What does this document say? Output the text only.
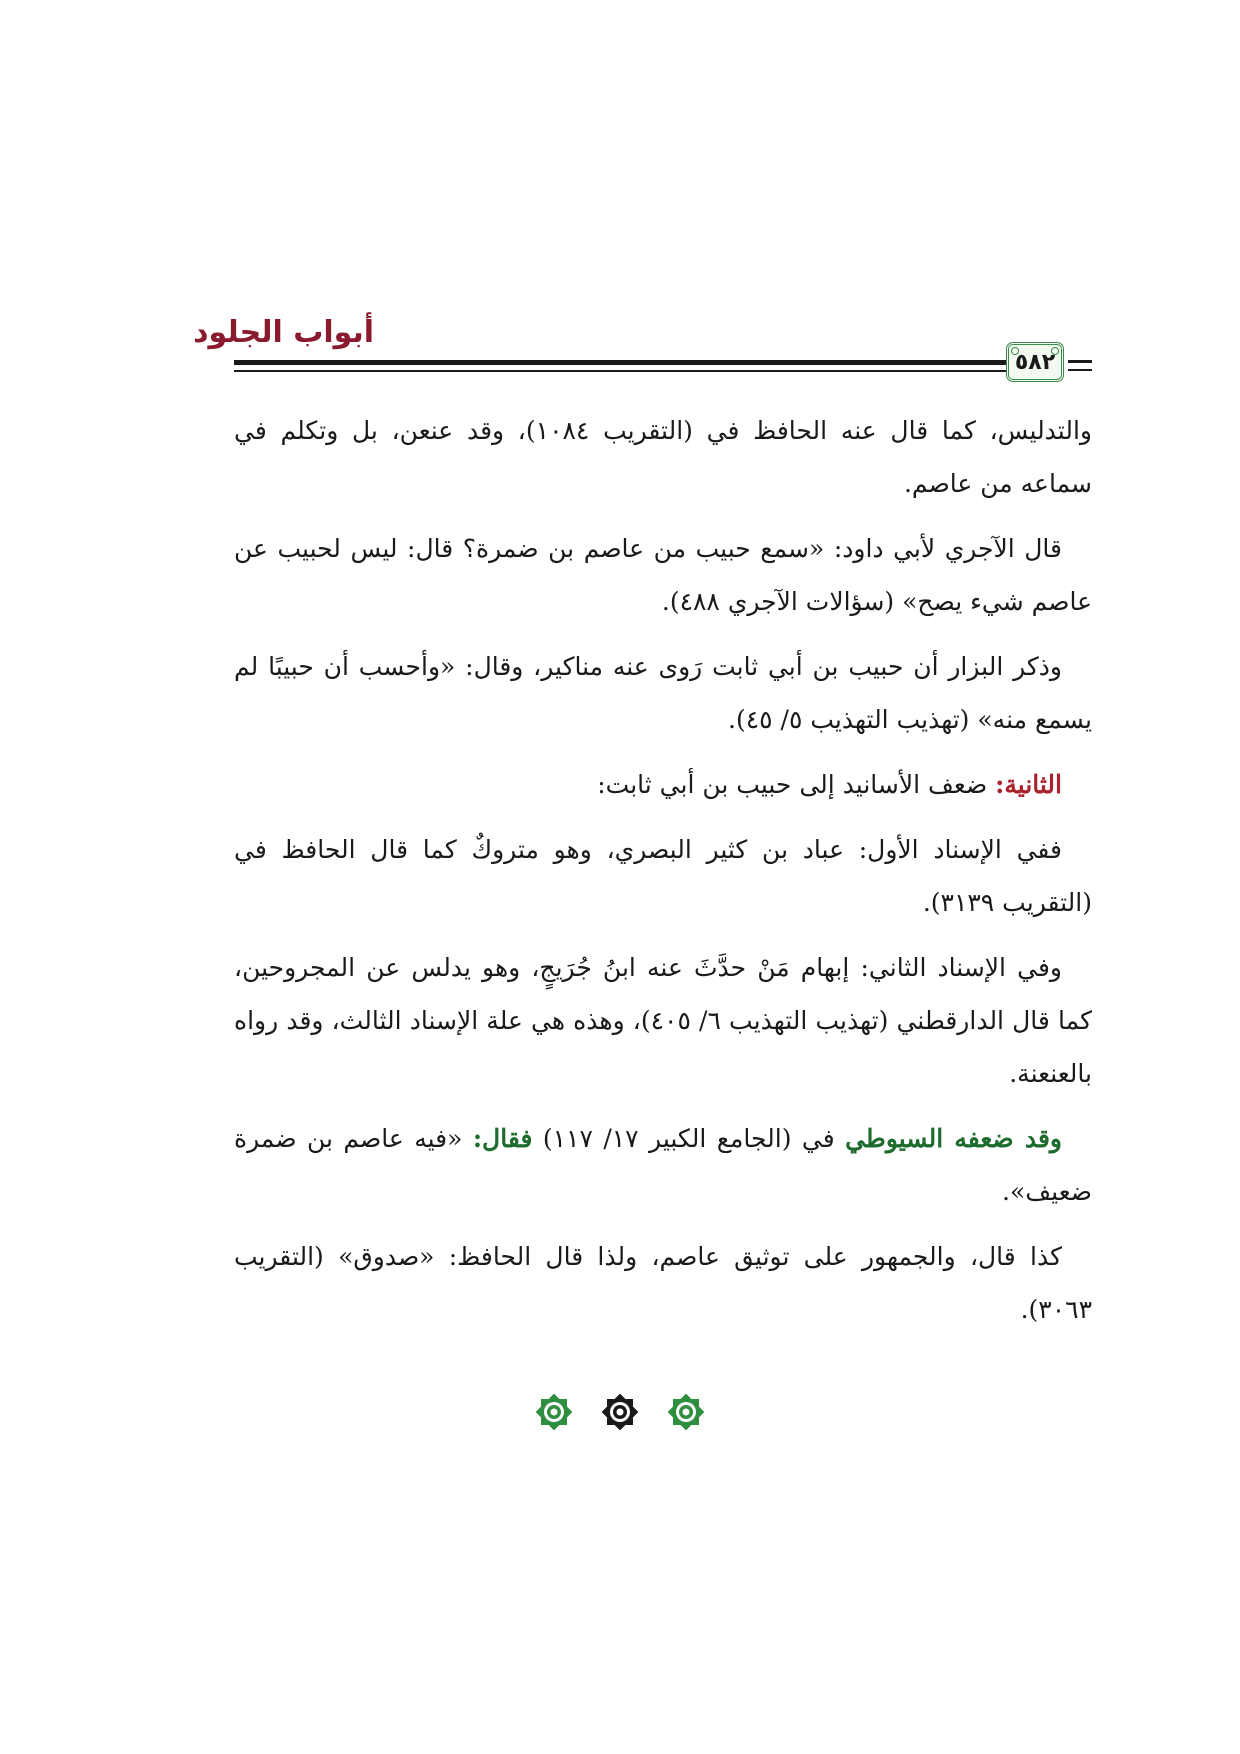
أبواب الجلود
٥٨٢

والتدليس، كما قال عنه الحافظ في (التقريب ١٠٨٤)، وقد عنعن، بل وتكلم في سماعه من عاصم.

قال الآجري لأبي داود: «سمع حبيب من عاصم بن ضمرة؟ قال: ليس لحبيب عن عاصم شيء يصح» (سؤالات الآجري ٤٨٨).

وذكر البزار أن حبيب بن أبي ثابت رَوى عنه مناكير، وقال: «وأحسب أن حبيبًا لم يسمع منه» (تهذيب التهذيب ٥/ ٤٥).

الثانية: ضعف الأسانيد إلى حبيب بن أبي ثابت:

ففي الإسناد الأول: عباد بن كثير البصري، وهو متروكٌ كما قال الحافظ في (التقريب ٣١٣٩).

وفي الإسناد الثاني: إبهام مَنْ حدَّثَ عنه ابنُ جُرَيجٍ، وهو يدلس عن المجروحين، كما قال الدارقطني (تهذيب التهذيب ٦/ ٤٠٥)، وهذه هي علة الإسناد الثالث، وقد رواه بالعنعنة.

وقد ضعفه السيوطي في (الجامع الكبير ١٧/ ١١٧) فقال: «فيه عاصم بن ضمرة ضعيف».

كذا قال، والجمهور على توثيق عاصم، ولذا قال الحافظ: «صدوق» (التقريب ٣٠٦٣).
